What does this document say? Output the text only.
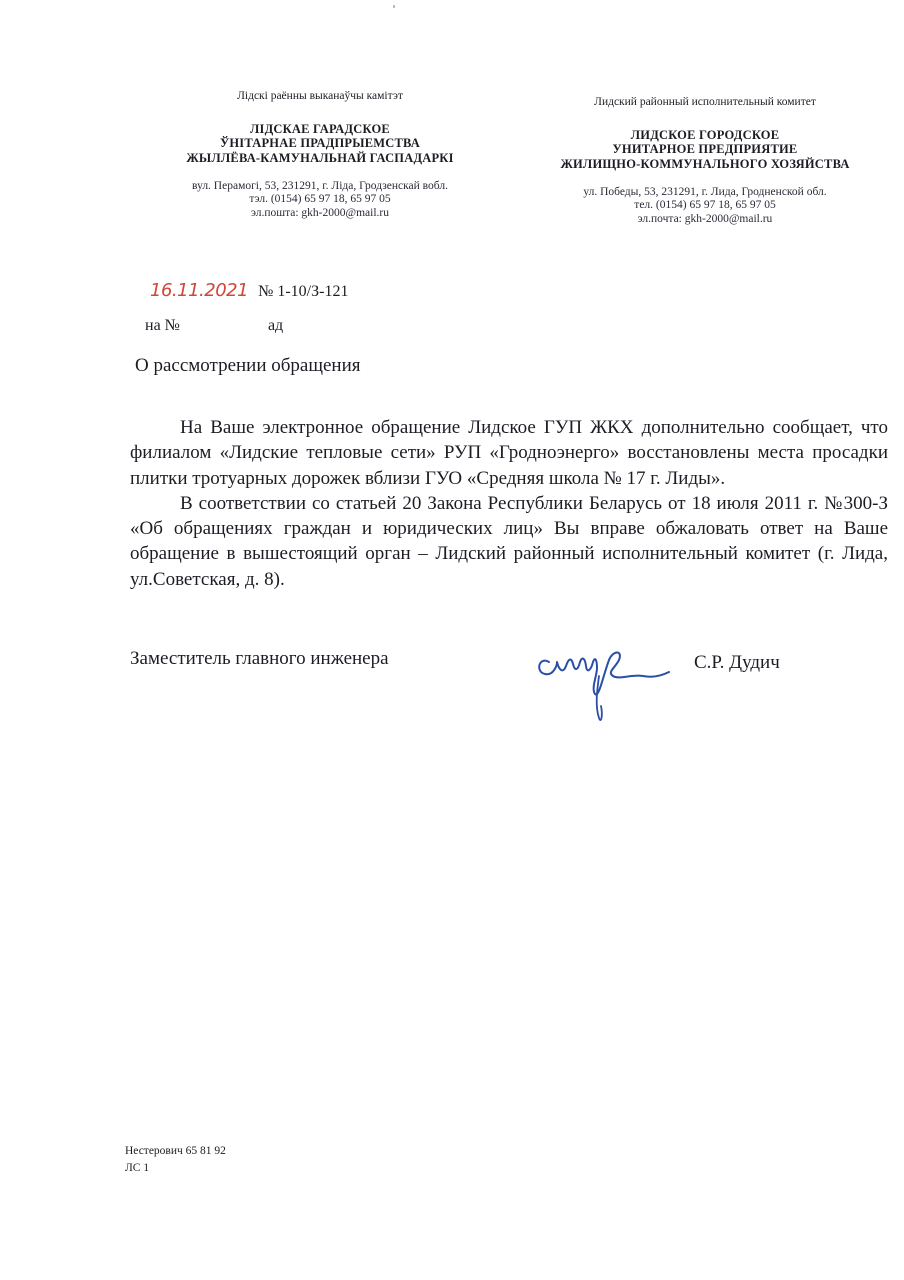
Лідскі раённы выканаўчы камітэт
ЛІДСКАЕ ГАРАДСКОЕ
ЎНІТАРНАЕ ПРАДПРЫЕМСТВА
ЖЫЛЛЁВА-КАМУНАЛЬНАЙ ГАСПАДАРКІ
вул. Перамогі, 53, 231291, г. Ліда, Гродзенскай вобл.
тэл. (0154) 65 97 18, 65 97 05
эл.пошта: gkh-2000@mail.ru
Лидский районный исполнительный комитет
ЛИДСКОЕ ГОРОДСКОЕ
УНИТАРНОЕ ПРЕДПРИЯТИЕ
ЖИЛИЩНО-КОММУНАЛЬНОГО ХОЗЯЙСТВА
ул. Победы, 53, 231291, г. Лида, Гродненской обл.
тел. (0154) 65 97 18, 65 97 05
эл.почта: gkh-2000@mail.ru
16.11.2021 № 1-10/З-121
на №	ад
О рассмотрении обращения

На Ваше электронное обращение Лидское ГУП ЖКХ дополнительно сообщает, что филиалом «Лидские тепловые сети» РУП «Гродноэнерго» восстановлены места просадки плитки тротуарных дорожек вблизи ГУО «Средняя школа № 17 г. Лиды».

В соответствии со статьей 20 Закона Республики Беларусь от 18 июля 2011 г. №300-З «Об обращениях граждан и юридических лиц» Вы вправе обжаловать ответ на Ваше обращение в вышестоящий орган – Лидский районный исполнительный комитет (г. Лида, ул.Советская, д. 8).

Заместитель главного инженера	С.Р. Дудич
Нестерович 65 81 92
ЛС 1
